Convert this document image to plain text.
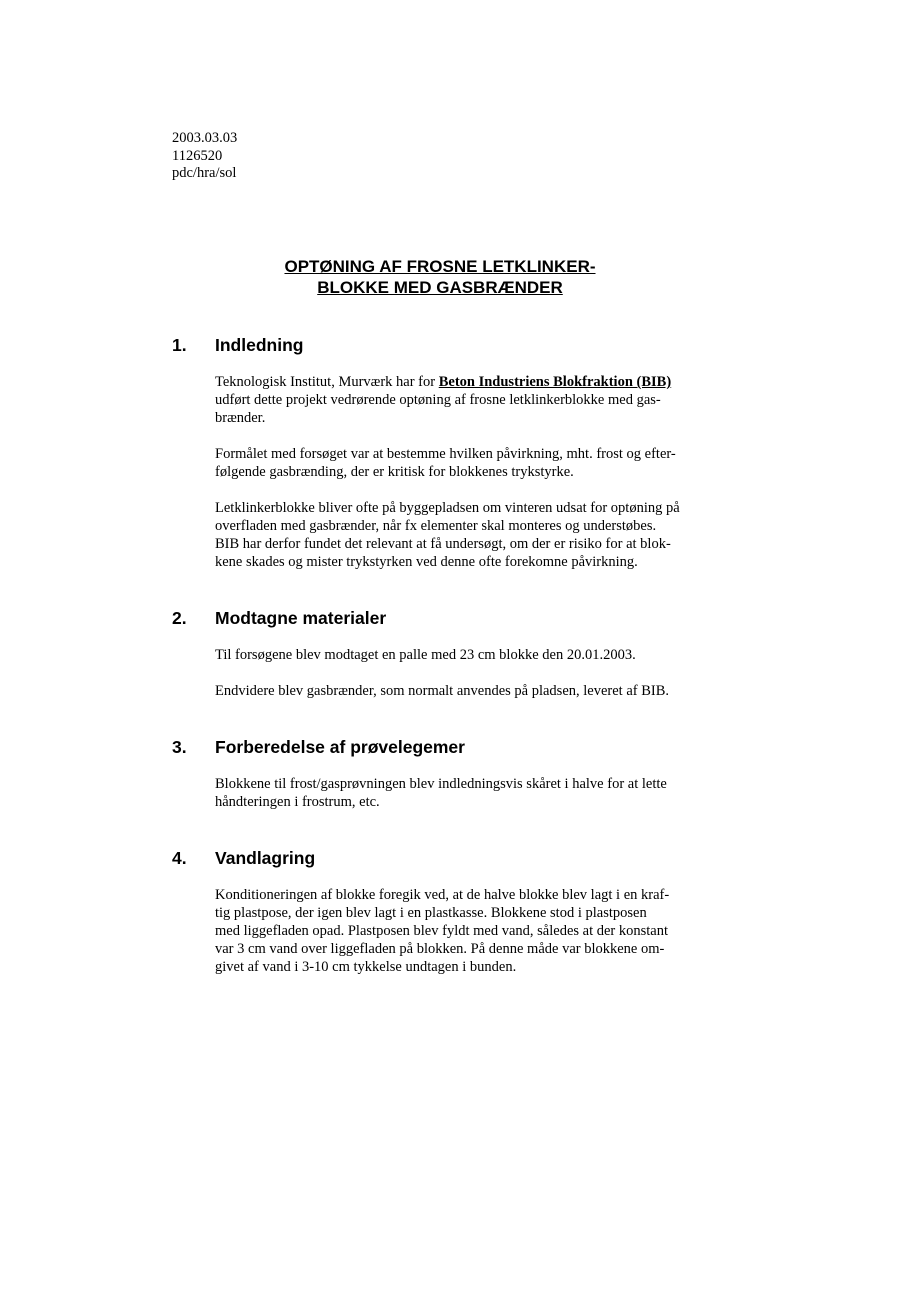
2003.03.03
1126520
pdc/hra/sol
OPTØNING AF FROSNE LETKLINKER-
BLOKKE MED GASBRÆNDER
1. Indledning
Teknologisk Institut, Murværk har for Beton Industriens Blokfraktion (BIB)
udført dette projekt vedrørende optøning af frosne letklinkerblokke med gas-
brænder.
Formålet med forsøget var at bestemme hvilken påvirkning, mht. frost og efter-
følgende gasbrænding, der er kritisk for blokkenes trykstyrke.
Letklinkerblokke bliver ofte på byggepladsen om vinteren udsat for optøning på
overfladen med gasbrænder, når fx elementer skal monteres og understøbes.
BIB har derfor fundet det relevant at få undersøgt, om der er risiko for at blok-
kene skades og mister trykstyrken ved denne ofte forekomne påvirkning.
2. Modtagne materialer
Til forsøgene blev modtaget en palle med 23 cm blokke den 20.01.2003.
Endvidere blev gasbrænder, som normalt anvendes på pladsen, leveret af BIB.
3. Forberedelse af prøvelegemer
Blokkene til frost/gasprøvningen blev indledningsvis skåret i halve for at lette
håndteringen i frostrum, etc.
4. Vandlagring
Konditioneringen af blokke foregik ved, at de halve blokke blev lagt i en kraf-
tig plastpose, der igen blev lagt i en plastkasse. Blokkene stod i plastposen
med liggefladen opad. Plastposen blev fyldt med vand, således at der konstant
var 3 cm vand over liggefladen på blokken. På denne måde var blokkene om-
givet af vand i 3-10 cm tykkelse undtagen i bunden.
